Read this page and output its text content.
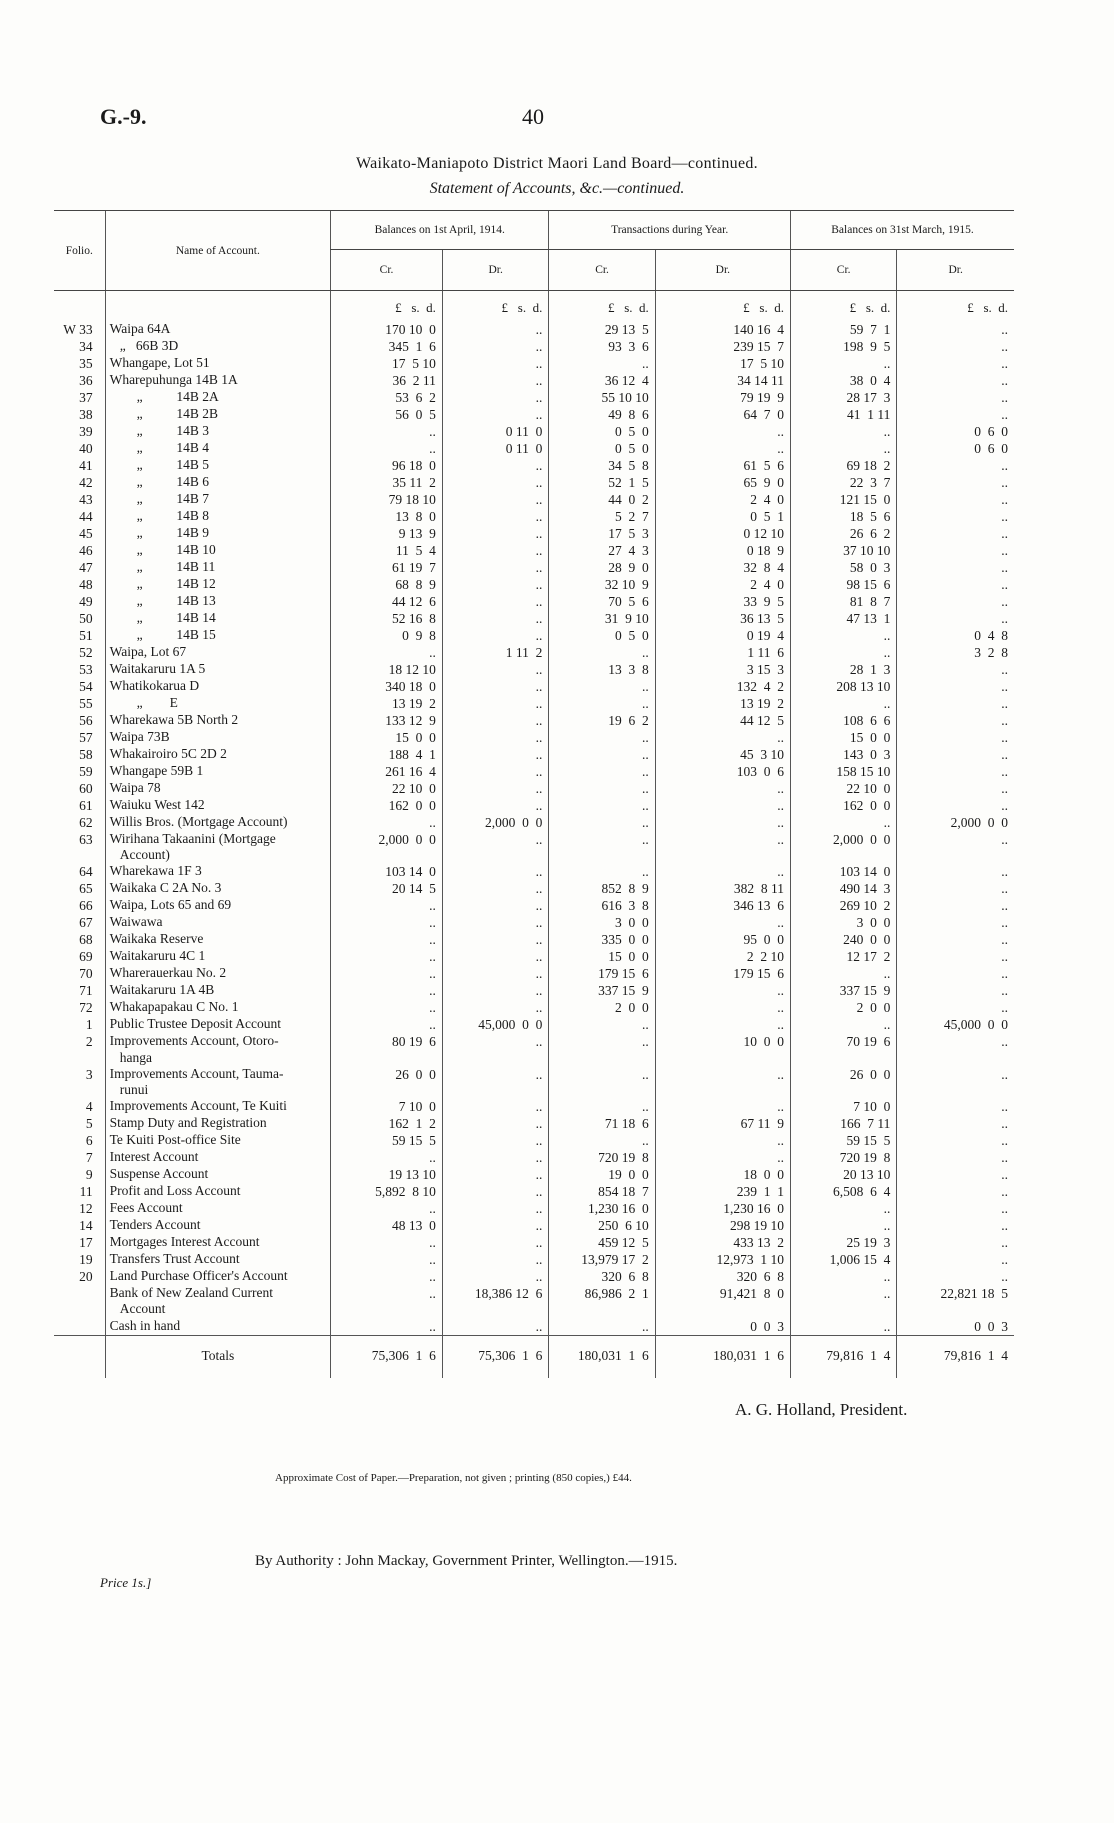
G.-9.	40
Waikato-Maniapoto District Maori Land Board—continued.
Statement of Accounts, &c.—continued.
Folio.	Name of Account.	Balances on 1st April, 1914.		Transactions during Year.		Balances on 31st March, 1915.	
		Cr.	Dr.	Cr.	Dr.	Cr.	Dr.
		£   s.  d.	£   s.  d.	£   s.  d.	£   s.  d.	£   s.  d.	£   s.  d.
W 33	Waipa 64A	170 10  0	..	29 13  5	140 16  4	59  7  1	..
34	„   66B 3D	345  1  6	..	93  3  6	239 15  7	198  9  5	..
35	Whangape, Lot 51	17  5 10	..	..	17  5 10	..	..
36	Wharepuhunga 14B 1A	36  2 11	..	36 12  4	34 14 11	38  0  4	..
37	„          14B 2A	53  6  2	..	55 10 10	79 19  9	28 17  3	..
38	„          14B 2B	56  0  5	..	49  8  6	64  7  0	41  1 11	..
39	„          14B 3	..	0 11  0	0  5  0	..	..	0  6  0
40	„          14B 4	..	0 11  0	0  5  0	..	..	0  6  0
41	„          14B 5	96 18  0	..	34  5  8	61  5  6	69 18  2	..
42	„          14B 6	35 11  2	..	52  1  5	65  9  0	22  3  7	..
43	„          14B 7	79 18 10	..	44  0  2	2  4  0	121 15  0	..
44	„          14B 8	13  8  0	..	5  2  7	0  5  1	18  5  6	..
45	„          14B 9	9 13  9	..	17  5  3	0 12 10	26  6  2	..
46	„          14B 10	11  5  4	..	27  4  3	0 18  9	37 10 10	..
47	„          14B 11	61 19  7	..	28  9  0	32  8  4	58  0  3	..
48	„          14B 12	68  8  9	..	32 10  9	2  4  0	98 15  6	..
49	„          14B 13	44 12  6	..	70  5  6	33  9  5	81  8  7	..
50	„          14B 14	52 16  8	..	31  9 10	36 13  5	47 13  1	..
51	„          14B 15	0  9  8	..	0  5  0	0 19  4	..	0  4  8
52	Waipa, Lot 67	..	1 11  2	..	1 11  6	..	3  2  8
53	Waitakaruru 1A 5	18 12 10	..	13  3  8	3 15  3	28  1  3	..
54	Whatikokarua D	340 18  0	..	..	132  4  2	208 13 10	..
55	„        E	13 19  2	..	..	13 19  2	..	..
56	Wharekawa 5B North 2	133 12  9	..	19  6  2	44 12  5	108  6  6	..
57	Waipa 73B	15  0  0	..	..	..	15  0  0	..
58	Whakairoiro 5C 2D 2	188  4  1	..	..	45  3 10	143  0  3	..
59	Whangape 59B 1	261 16  4	..	..	103  0  6	158 15 10	..
60	Waipa 78	22 10  0	..	..	..	22 10  0	..
61	Waiuku West 142	162  0  0	..	..	..	162  0  0	..
62	Willis Bros. (Mortgage Account)	..	2,000  0  0	..	..	..	2,000  0  0
63	Wirihana Takaanini (Mortgage
Account)	2,000  0  0	..	..	..	2,000  0  0	..
64	Wharekawa 1F 3	103 14  0	..	..	..	103 14  0	..
65	Waikaka C 2A No. 3	20 14  5	..	852  8  9	382  8 11	490 14  3	..
66	Waipa, Lots 65 and 69	..	..	616  3  8	346 13  6	269 10  2	..
67	Waiwawa	..	..	3  0  0	..	3  0  0	..
68	Waikaka Reserve	..	..	335  0  0	95  0  0	240  0  0	..
69	Waitakaruru 4C 1	..	..	15  0  0	2  2 10	12 17  2	..
70	Wharerauerkau No. 2	..	..	179 15  6	179 15  6	..	..
71	Waitakaruru 1A 4B	..	..	337 15  9	..	337 15  9	..
72	Whakapapakau C No. 1	..	..	2  0  0	..	2  0  0	..
1	Public Trustee Deposit Account	..	45,000  0  0	..	..	..	45,000  0  0
2	Improvements Account, Otoro-
hanga	80 19  6	..	..	10  0  0	70 19  6	..
3	Improvements Account, Tauma-
runui	26  0  0	..	..	..	26  0  0	..
4	Improvements Account, Te Kuiti	7 10  0	..	..	..	7 10  0	..
5	Stamp Duty and Registration	162  1  2	..	71 18  6	67 11  9	166  7 11	..
6	Te Kuiti Post-office Site	59 15  5	..	..	..	59 15  5	..
7	Interest Account	..	..	720 19  8	..	720 19  8	..
9	Suspense Account	19 13 10	..	19  0  0	18  0  0	20 13 10	..
11	Profit and Loss Account	5,892  8 10	..	854 18  7	239  1  1	6,508  6  4	..
12	Fees Account	..	..	1,230 16  0	1,230 16  0	..	..
14	Tenders Account	48 13  0	..	250  6 10	298 19 10	..	..
17	Mortgages Interest Account	..	..	459 12  5	433 13  2	25 19  3	..
19	Transfers Trust Account	..	..	13,979 17  2	12,973  1 10	1,006 15  4	..
20	Land Purchase Officer's Account	..	..	320  6  8	320  6  8	..	..
	Bank of New Zealand Current
Account	..	18,386 12  6	86,986  2  1	91,421  8  0	..	22,821 18  5
	Cash in hand	..	..	..	0  0  3	..	0  0  3
	Totals	75,306  1  6	75,306  1  6	180,031  1  6	180,031  1  6	79,816  1  4	79,816  1  4
A. G. Holland, President.
Approximate Cost of Paper.—Preparation, not given ; printing (850 copies,) £44.
By Authority : John Mackay, Government Printer, Wellington.—1915.
Price 1s.]
